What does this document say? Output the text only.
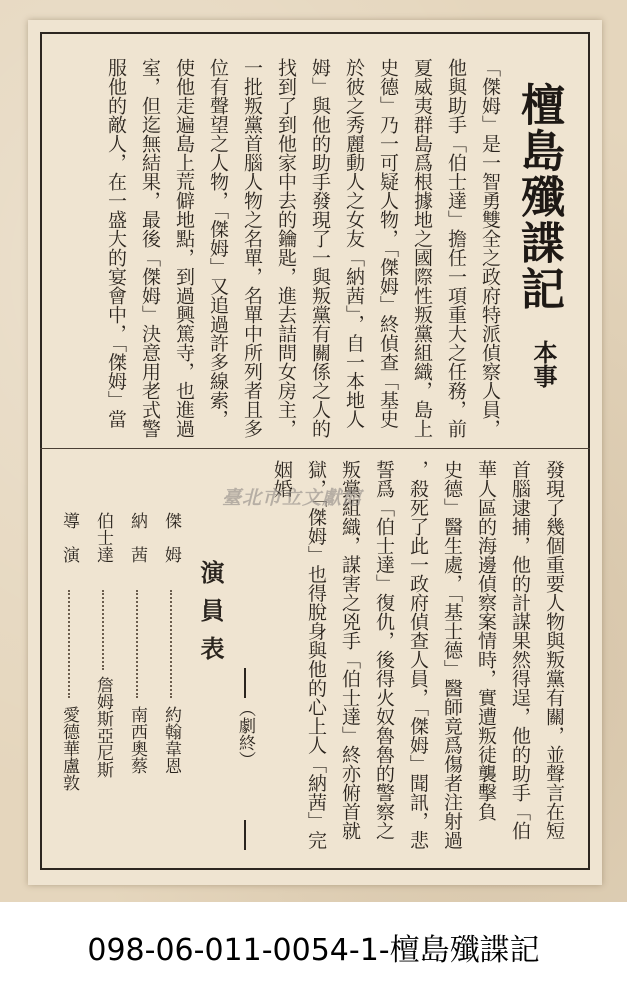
檀島殲諜記
本事
「傑姆」是一智勇雙全之政府特派偵察人員，
他與助手「伯士達」擔任一項重大之任務，前
夏威夷群島爲根據地之國際性叛黨組織，島上
史德」乃一可疑人物，「傑姆」終偵查「基史
於彼之秀麗動人之女友「納茜」，自一本地人
姆」與他的助手發現了一與叛黨有關係之人的
找到了到他家中去的鑰匙，進去詰問女房主，
一批叛黨首腦人物之名單，名單中所列者且多
位有聲望之人物，「傑姆」又追過許多線索，
使他走遍島上荒僻地點，到過興篤寺，也進過
室，但迄無結果，最後「傑姆」決意用老式警
服他的敵人，在一盛大的宴會中，「傑姆」當
發現了幾個重要人物與叛黨有關，並聲言在短
首腦逮捕，他的計謀果然得逞，他的助手「伯
華人區的海邊偵察案情時，實遭叛徒襲擊負
史德」醫生處，「基士德」醫師竟爲傷者注射過
，殺死了此一政府偵查人員，「傑姆」聞訊，悲
誓爲「伯士達」復仇，後得火奴魯魯的警察之
叛黨組織，謀害之兇手「伯士達」終亦俯首就
獄，「傑姆」也得脫身與他的心上人「納茜」完
姻婚
（劇終）
演員表
傑　姆
約翰韋恩
納　茜
南西奧蔡
伯士達
詹姆斯亞尼斯
導　演
愛德華盧敦
臺北市立文獻館
098-06-011-0054-1-檀島殲諜記
